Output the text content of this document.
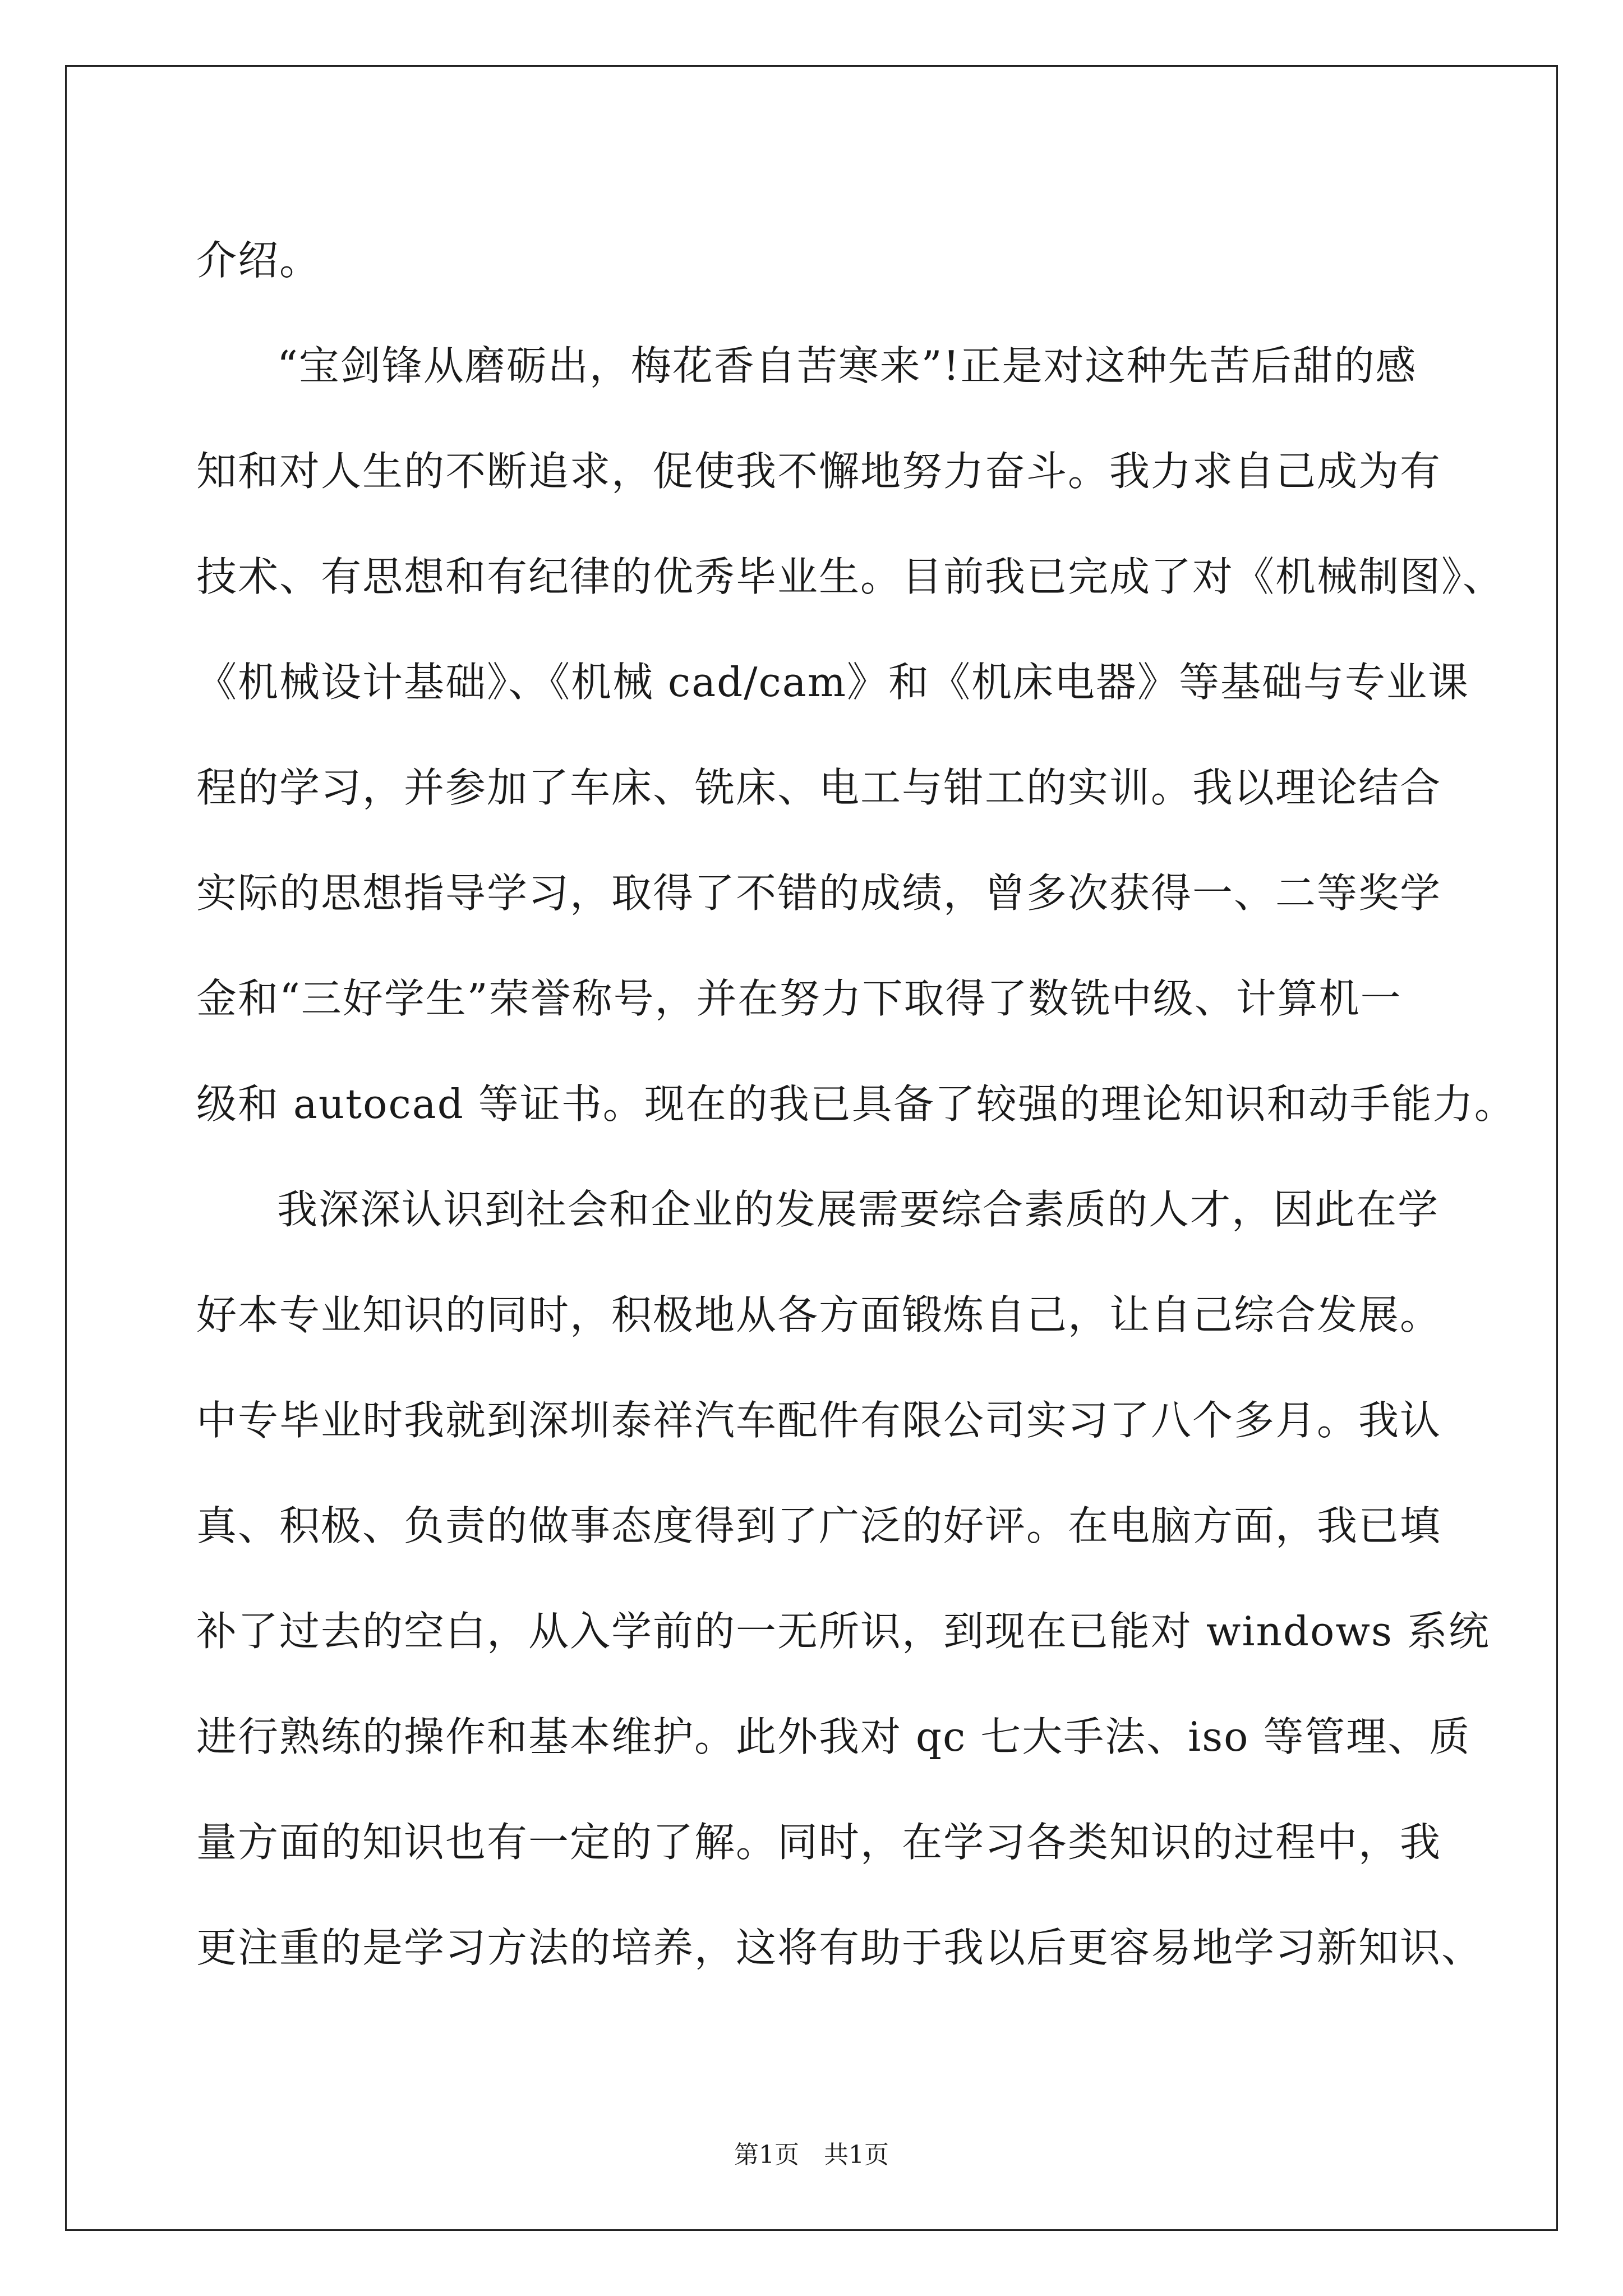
介绍。
“宝剑锋从磨砺出，梅花香自苦寒来”!正是对这种先苦后甜的感
知和对人生的不断追求，促使我不懈地努力奋斗。我力求自己成为有
技术、有思想和有纪律的优秀毕业生。目前我已完成了对《机械制图》、
《机械设计基础》、《机械 cad/cam》和《机床电器》等基础与专业课
程的学习，并参加了车床、铣床、电工与钳工的实训。我以理论结合
实际的思想指导学习，取得了不错的成绩，曾多次获得一、二等奖学
金和“三好学生”荣誉称号，并在努力下取得了数铣中级、计算机一
级和 autocad 等证书。现在的我已具备了较强的理论知识和动手能力。
我深深认识到社会和企业的发展需要综合素质的人才，因此在学
好本专业知识的同时，积极地从各方面锻炼自己，让自己综合发展。
中专毕业时我就到深圳泰祥汽车配件有限公司实习了八个多月。我认
真、积极、负责的做事态度得到了广泛的好评。在电脑方面，我已填
补了过去的空白，从入学前的一无所识，到现在已能对 windows 系统
进行熟练的操作和基本维护。此外我对 qc 七大手法、iso 等管理、质
量方面的知识也有一定的了解。同时，在学习各类知识的过程中，我
更注重的是学习方法的培养，这将有助于我以后更容易地学习新知识、
第1页 共1页
